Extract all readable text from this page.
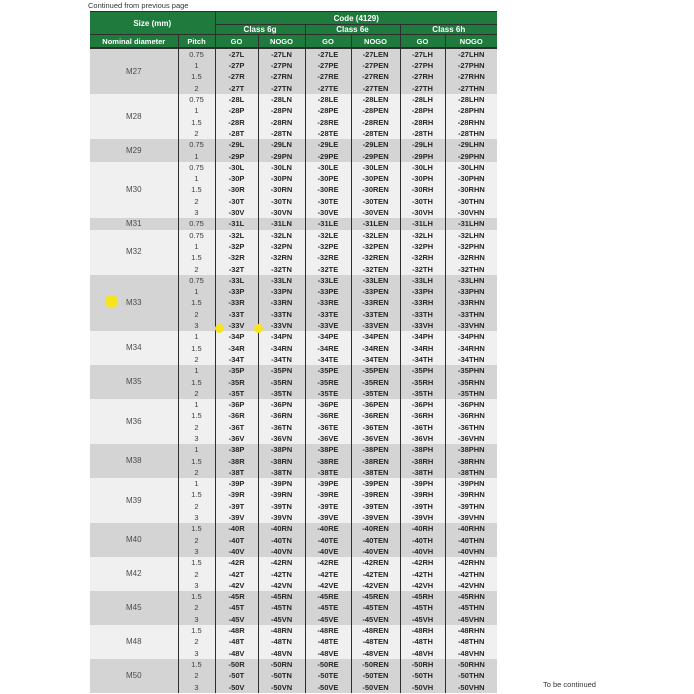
Continued from previous page
Size (mm)		Code (4129)					
		Class 6g		Class 6e		Class 6h	
Nominal diameter	Pitch	GO	NOGO	GO	NOGO	GO	NOGO
M27	0.75	-27L	-27LN	-27LE	-27LEN	-27LH	-27LHN
	1	-27P	-27PN	-27PE	-27PEN	-27PH	-27PHN
	1.5	-27R	-27RN	-27RE	-27REN	-27RH	-27RHN
	2	-27T	-27TN	-27TE	-27TEN	-27TH	-27THN
M28	0.75	-28L	-28LN	-28LE	-28LEN	-28LH	-28LHN
	1	-28P	-28PN	-28PE	-28PEN	-28PH	-28PHN
	1.5	-28R	-28RN	-28RE	-28REN	-28RH	-28RHN
	2	-28T	-28TN	-28TE	-28TEN	-28TH	-28THN
M29	0.75	-29L	-29LN	-29LE	-29LEN	-29LH	-29LHN
	1	-29P	-29PN	-29PE	-29PEN	-29PH	-29PHN
M30	0.75	-30L	-30LN	-30LE	-30LEN	-30LH	-30LHN
	1	-30P	-30PN	-30PE	-30PEN	-30PH	-30PHN
	1.5	-30R	-30RN	-30RE	-30REN	-30RH	-30RHN
	2	-30T	-30TN	-30TE	-30TEN	-30TH	-30THN
	3	-30V	-30VN	-30VE	-30VEN	-30VH	-30VHN
M31	0.75	-31L	-31LN	-31LE	-31LEN	-31LH	-31LHN
M32	0.75	-32L	-32LN	-32LE	-32LEN	-32LH	-32LHN
	1	-32P	-32PN	-32PE	-32PEN	-32PH	-32PHN
	1.5	-32R	-32RN	-32RE	-32REN	-32RH	-32RHN
	2	-32T	-32TN	-32TE	-32TEN	-32TH	-32THN
M33	0.75	-33L	-33LN	-33LE	-33LEN	-33LH	-33LHN
	1	-33P	-33PN	-33PE	-33PEN	-33PH	-33PHN
	1.5	-33R	-33RN	-33RE	-33REN	-33RH	-33RHN
	2	-33T	-33TN	-33TE	-33TEN	-33TH	-33THN
	3	-33V	-33VN	-33VE	-33VEN	-33VH	-33VHN
M34	1	-34P	-34PN	-34PE	-34PEN	-34PH	-34PHN
	1.5	-34R	-34RN	-34RE	-34REN	-34RH	-34RHN
	2	-34T	-34TN	-34TE	-34TEN	-34TH	-34THN
M35	1	-35P	-35PN	-35PE	-35PEN	-35PH	-35PHN
	1.5	-35R	-35RN	-35RE	-35REN	-35RH	-35RHN
	2	-35T	-35TN	-35TE	-35TEN	-35TH	-35THN
M36	1	-36P	-36PN	-36PE	-36PEN	-36PH	-36PHN
	1.5	-36R	-36RN	-36RE	-36REN	-36RH	-36RHN
	2	-36T	-36TN	-36TE	-36TEN	-36TH	-36THN
	3	-36V	-36VN	-36VE	-36VEN	-36VH	-36VHN
M38	1	-38P	-38PN	-38PE	-38PEN	-38PH	-38PHN
	1.5	-38R	-38RN	-38RE	-38REN	-38RH	-38RHN
	2	-38T	-38TN	-38TE	-38TEN	-38TH	-38THN
M39	1	-39P	-39PN	-39PE	-39PEN	-39PH	-39PHN
	1.5	-39R	-39RN	-39RE	-39REN	-39RH	-39RHN
	2	-39T	-39TN	-39TE	-39TEN	-39TH	-39THN
	3	-39V	-39VN	-39VE	-39VEN	-39VH	-39VHN
M40	1.5	-40R	-40RN	-40RE	-40REN	-40RH	-40RHN
	2	-40T	-40TN	-40TE	-40TEN	-40TH	-40THN
	3	-40V	-40VN	-40VE	-40VEN	-40VH	-40VHN
M42	1.5	-42R	-42RN	-42RE	-42REN	-42RH	-42RHN
	2	-42T	-42TN	-42TE	-42TEN	-42TH	-42THN
	3	-42V	-42VN	-42VE	-42VEN	-42VH	-42VHN
M45	1.5	-45R	-45RN	-45RE	-45REN	-45RH	-45RHN
	2	-45T	-45TN	-45TE	-45TEN	-45TH	-45THN
	3	-45V	-45VN	-45VE	-45VEN	-45VH	-45VHN
M48	1.5	-48R	-48RN	-48RE	-48REN	-48RH	-48RHN
	2	-48T	-48TN	-48TE	-48TEN	-48TH	-48THN
	3	-48V	-48VN	-48VE	-48VEN	-48VH	-48VHN
M50	1.5	-50R	-50RN	-50RE	-50REN	-50RH	-50RHN
	2	-50T	-50TN	-50TE	-50TEN	-50TH	-50THN
	3	-50V	-50VN	-50VE	-50VEN	-50VH	-50VHN	To be continued
